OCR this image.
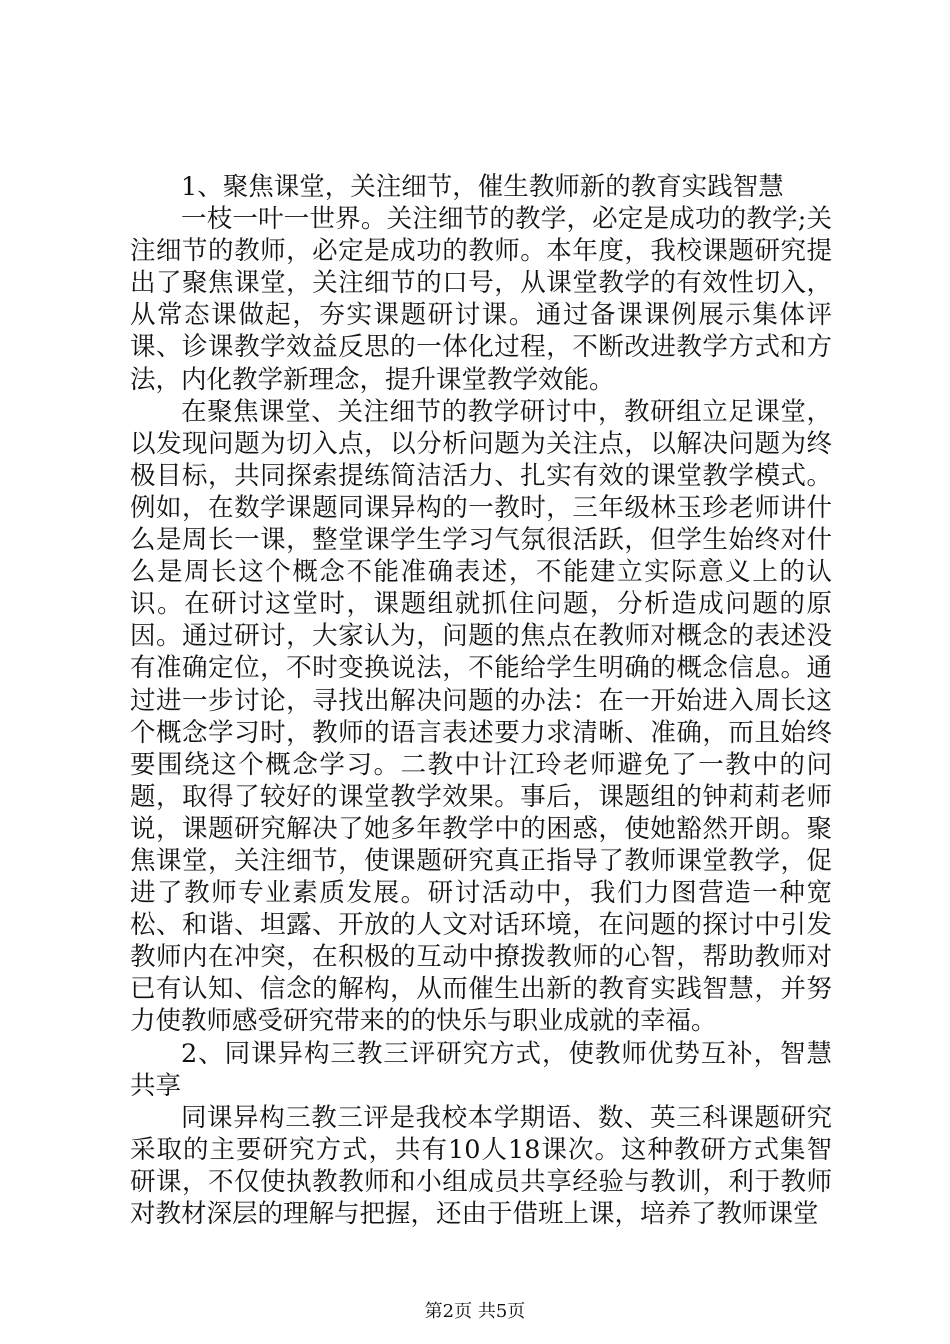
1、聚焦课堂，关注细节，催生教师新的教育实践智慧

一枝一叶一世界。关注细节的教学，必定是成功的教学;关注细节的教师，必定是成功的教师。本年度，我校课题研究提出了聚焦课堂，关注细节的口号，从课堂教学的有效性切入，从常态课做起，夯实课题研讨课。通过备课课例展示集体评课、诊课教学效益反思的一体化过程，不断改进教学方式和方法，内化教学新理念，提升课堂教学效能。

在聚焦课堂、关注细节的教学研讨中，教研组立足课堂，以发现问题为切入点，以分析问题为关注点，以解决问题为终极目标，共同探索提练简洁活力、扎实有效的课堂教学模式。例如，在数学课题同课异构的一教时，三年级林玉珍老师讲什么是周长一课，整堂课学生学习气氛很活跃，但学生始终对什么是周长这个概念不能准确表述，不能建立实际意义上的认识。在研讨这堂时，课题组就抓住问题，分析造成问题的原因。通过研讨，大家认为，问题的焦点在教师对概念的表述没有准确定位，不时变换说法，不能给学生明确的概念信息。通过进一步讨论，寻找出解决问题的办法：在一开始进入周长这个概念学习时，教师的语言表述要力求清晰、准确，而且始终要围绕这个概念学习。二教中计江玲老师避免了一教中的问题，取得了较好的课堂教学效果。事后，课题组的钟莉莉老师说，课题研究解决了她多年教学中的困惑，使她豁然开朗。聚焦课堂，关注细节，使课题研究真正指导了教师课堂教学，促进了教师专业素质发展。研讨活动中，我们力图营造一种宽松、和谐、坦露、开放的人文对话环境，在问题的探讨中引发教师内在冲突，在积极的互动中撩拨教师的心智，帮助教师对已有认知、信念的解构，从而催生出新的教育实践智慧，并努力使教师感受研究带来的的快乐与职业成就的幸福。

2、同课异构三教三评研究方式，使教师优势互补，智慧共享

同课异构三教三评是我校本学期语、数、英三科课题研究采取的主要研究方式，共有10人18课次。这种教研方式集智研课，不仅使执教教师和小组成员共享经验与教训，利于教师对教材深层的理解与把握，还由于借班上课，培养了教师课堂

第2页 共5页
